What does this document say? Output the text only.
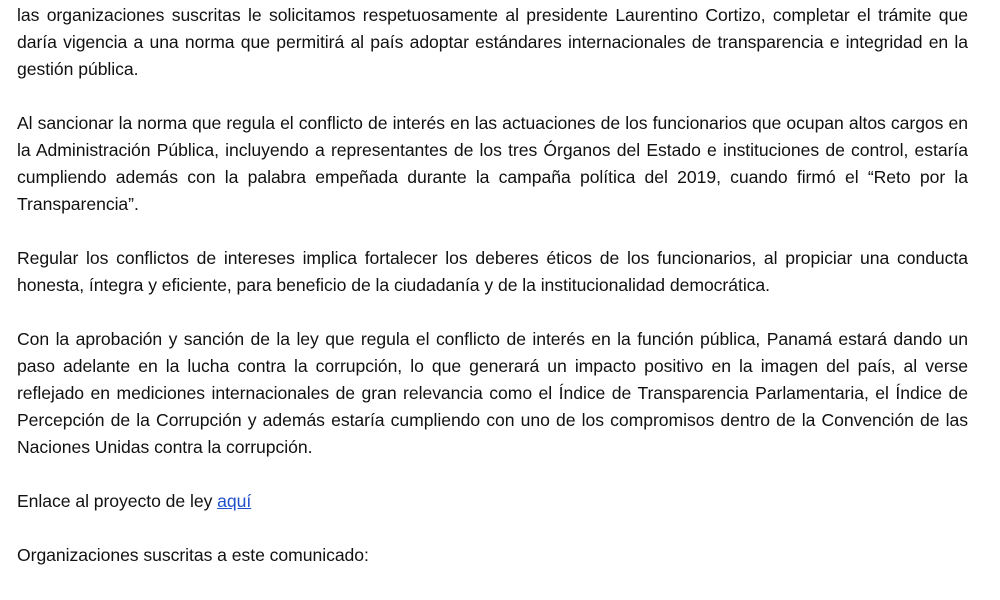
las organizaciones suscritas le solicitamos respetuosamente al presidente Laurentino Cortizo, completar el trámite que daría vigencia a una norma que permitirá al país adoptar estándares internacionales de transparencia e integridad en la gestión pública.

Al sancionar la norma que regula el conflicto de interés en las actuaciones de los funcionarios que ocupan altos cargos en la Administración Pública, incluyendo a representantes de los tres Órganos del Estado e instituciones de control, estaría cumpliendo además con la palabra empeñada durante la campaña política del 2019, cuando firmó el “Reto por la Transparencia”.

Regular los conflictos de intereses implica fortalecer los deberes éticos de los funcionarios, al propiciar una conducta honesta, íntegra y eficiente, para beneficio de la ciudadanía y de la institucionalidad democrática.

Con la aprobación y sanción de la ley que regula el conflicto de interés en la función pública, Panamá estará dando un paso adelante en la lucha contra la corrupción, lo que generará un impacto positivo en la imagen del país, al verse reflejado en mediciones internacionales de gran relevancia como el Índice de Transparencia Parlamentaria, el Índice de Percepción de la Corrupción y además estaría cumpliendo con uno de los compromisos dentro de la Convención de las Naciones Unidas contra la corrupción.

Enlace al proyecto de ley aquí

Organizaciones suscritas a este comunicado:
